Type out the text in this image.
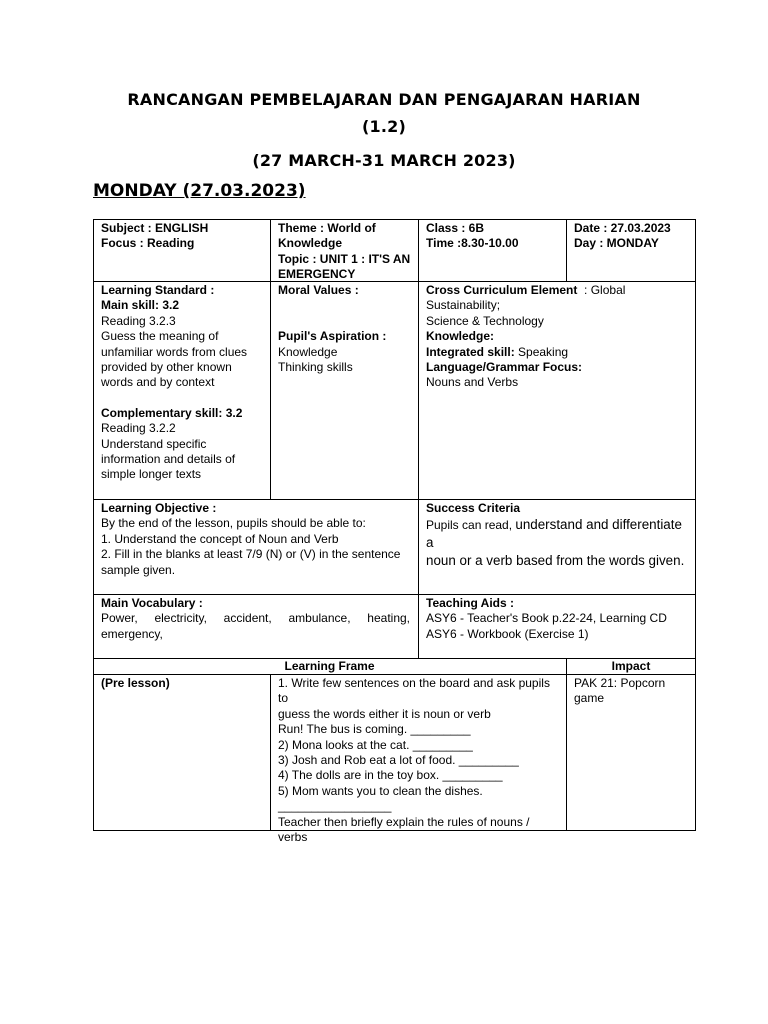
RANCANGAN PEMBELAJARAN DAN PENGAJARAN HARIAN
(1.2)
(27 MARCH-31 MARCH 2023)
MONDAY (27.03.2023)
Subject : ENGLISH
Focus : Reading
Theme : World of
Knowledge
Topic : UNIT 1 : IT'S AN
EMERGENCY
Class : 6B
Time :8.30-10.00
Date : 27.03.2023
Day : MONDAY
Learning Standard :
Main skill: 3.2
Reading 3.2.3
Guess the meaning of
unfamiliar words from clues
provided by other known
words and by context
Complementary skill: 3.2
Reading 3.2.2
Understand specific
information and details of
simple longer texts
Moral Values :
Pupil's Aspiration :
Knowledge
Thinking skills
Cross Curriculum Element : Global Sustainability;
Science & Technology
Knowledge:
Integrated skill: Speaking
Language/Grammar Focus:
Nouns and Verbs
Learning Objective :
By the end of the lesson, pupils should be able to:
1. Understand the concept of Noun and Verb
2. Fill in the blanks at least 7/9 (N) or (V) in the sentence
sample given.
Success Criteria
Pupils can read, understand and differentiate a
noun or a verb based from the words given.
Main Vocabulary :
Power, electricity, accident, ambulance, heating,
emergency,
Teaching Aids :
ASY6 - Teacher's Book p.22-24, Learning CD
ASY6 - Workbook (Exercise 1)
Learning Frame	Impact
(Pre lesson)	1. Write few sentences on the board and ask pupils to
guess the words either it is noun or verb
Run! The bus is coming. _________
2) Mona looks at the cat. _________
3) Josh and Rob eat a lot of food. _________
4) The dolls are in the toy box. _________
5) Mom wants you to clean the dishes.
_________________
Teacher then briefly explain the rules of nouns / verbs
PAK 21: Popcorn
game
